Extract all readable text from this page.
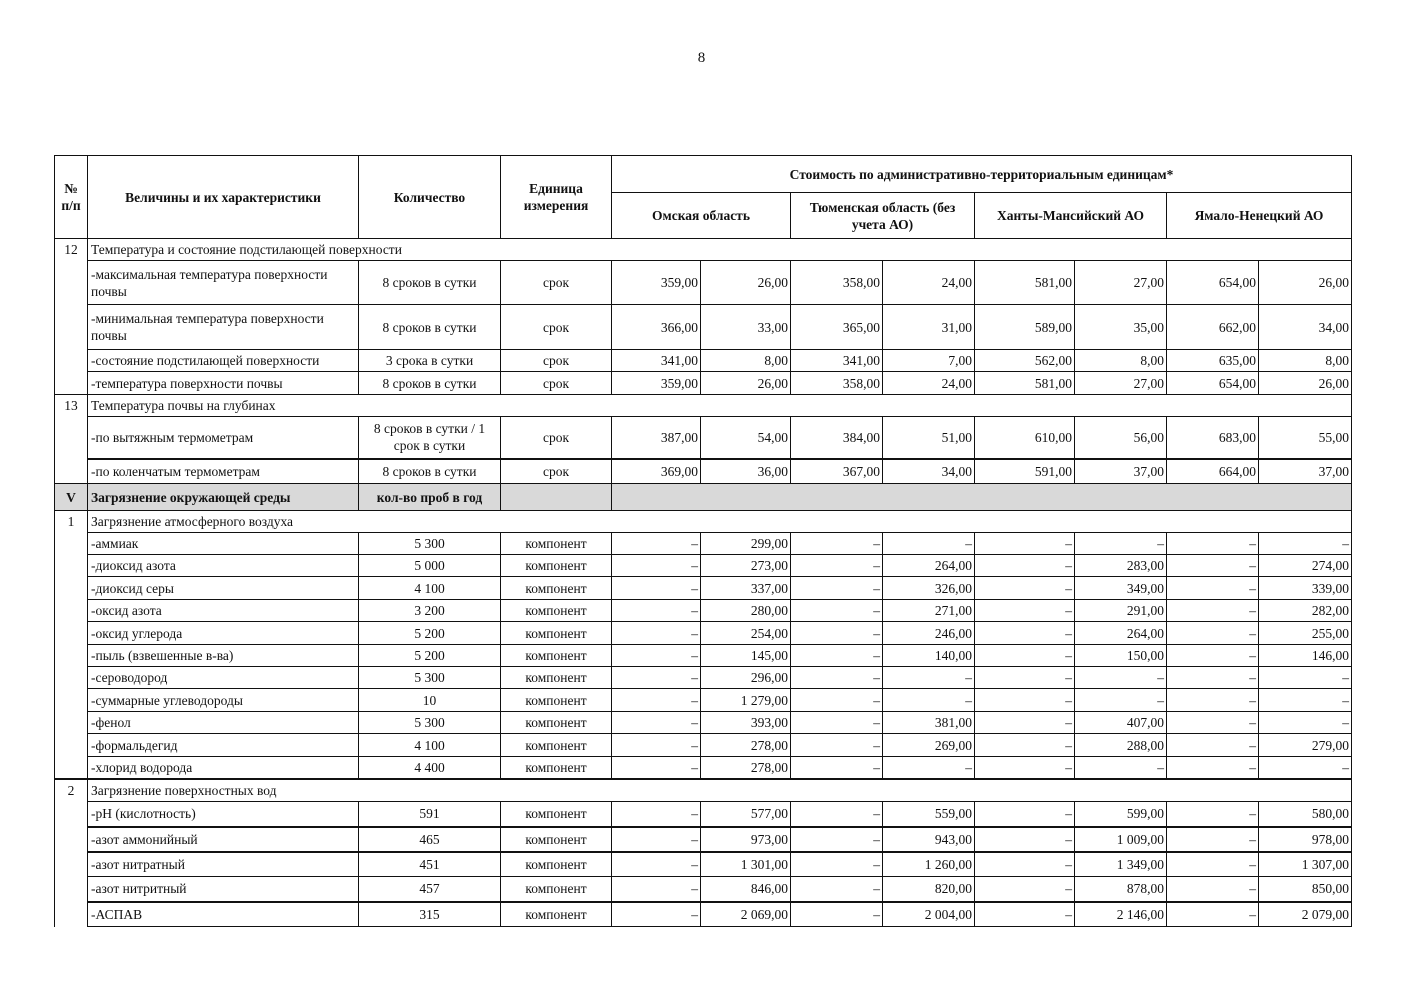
8
№ п/п	Величины и их характеристики	Количество	Единица измерения	Стоимость по административно-территориальным единицам*							
				Омская область		Тюменская область (без учета АО)		Ханты-Мансийский АО		Ямало-Ненецкий АО	
12	Температура и состояние подстилающей поверхности										
	-максимальная температура поверхности почвы	8 сроков в сутки	срок	359,00	26,00	358,00	24,00	581,00	27,00	654,00	26,00
	-минимальная температура поверхности почвы	8 сроков в сутки	срок	366,00	33,00	365,00	31,00	589,00	35,00	662,00	34,00
	-состояние подстилающей поверхности	3 срока в сутки	срок	341,00	8,00	341,00	7,00	562,00	8,00	635,00	8,00
	-температура поверхности почвы	8 сроков в сутки	срок	359,00	26,00	358,00	24,00	581,00	27,00	654,00	26,00
13	Температура почвы на глубинах										
	-по вытяжным термометрам	8 сроков в сутки / 1 срок в сутки	срок	387,00	54,00	384,00	51,00	610,00	56,00	683,00	55,00
	-по коленчатым термометрам	8 сроков в сутки	срок	369,00	36,00	367,00	34,00	591,00	37,00	664,00	37,00
V	Загрязнение окружающей среды	кол-во проб в год									
1	Загрязнение атмосферного воздуха										
	-аммиак	5 300	компонент	–	299,00	–	–	–	–	–	–
	-диоксид азота	5 000	компонент	–	273,00	–	264,00	–	283,00	–	274,00
	-диоксид серы	4 100	компонент	–	337,00	–	326,00	–	349,00	–	339,00
	-оксид азота	3 200	компонент	–	280,00	–	271,00	–	291,00	–	282,00
	-оксид углерода	5 200	компонент	–	254,00	–	246,00	–	264,00	–	255,00
	-пыль (взвешенные в-ва)	5 200	компонент	–	145,00	–	140,00	–	150,00	–	146,00
	-сероводород	5 300	компонент	–	296,00	–	–	–	–	–	–
	-суммарные углеводороды	10	компонент	–	1 279,00	–	–	–	–	–	–
	-фенол	5 300	компонент	–	393,00	–	381,00	–	407,00	–	–
	-формальдегид	4 100	компонент	–	278,00	–	269,00	–	288,00	–	279,00
	-хлорид водорода	4 400	компонент	–	278,00	–	–	–	–	–	–
2	Загрязнение поверхностных вод										
	-pH (кислотность)	591	компонент	–	577,00	–	559,00	–	599,00	–	580,00
	-азот аммонийный	465	компонент	–	973,00	–	943,00	–	1 009,00	–	978,00
	-азот нитратный	451	компонент	–	1 301,00	–	1 260,00	–	1 349,00	–	1 307,00
	-азот нитритный	457	компонент	–	846,00	–	820,00	–	878,00	–	850,00
	-АСПАВ	315	компонент	–	2 069,00	–	2 004,00	–	2 146,00	–	2 079,00
